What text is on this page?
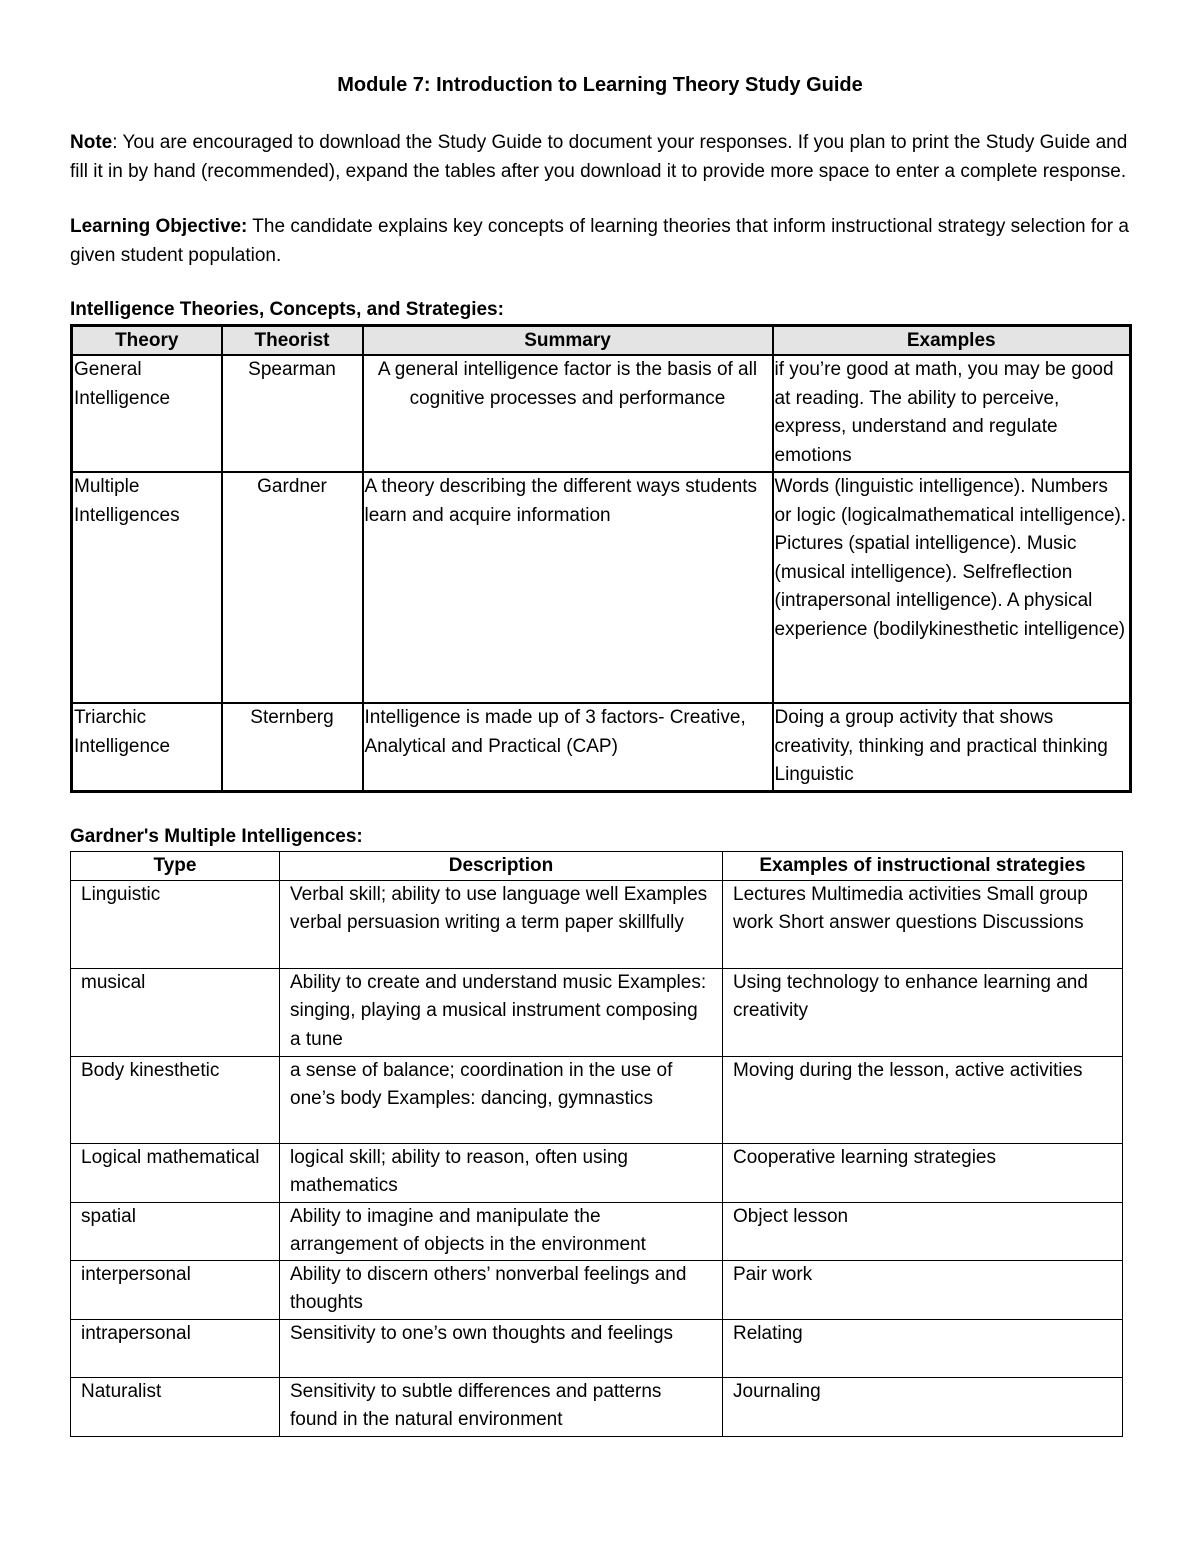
Module 7: Introduction to Learning Theory Study Guide

Note: You are encouraged to download the Study Guide to document your responses. If you plan to print the Study Guide and fill it in by hand (recommended), expand the tables after you download it to provide more space to enter a complete response.

Learning Objective: The candidate explains key concepts of learning theories that inform instructional strategy selection for a given student population.

Intelligence Theories, Concepts, and Strategies:

Theory	Theorist	Summary	Examples
General Intelligence	Spearman	A general intelligence factor is the basis of all cognitive processes and performance	if you’re good at math, you may be good at reading. The ability to perceive, express, understand and regulate emotions
Multiple Intelligences	Gardner	A theory describing the different ways students learn and acquire information	Words (linguistic intelligence). Numbers or logic (logicalmathematical intelligence). Pictures (spatial intelligence). Music (musical intelligence). Selfreflection (intrapersonal intelligence). A physical experience (bodilykinesthetic intelligence)
Triarchic Intelligence	Sternberg	Intelligence is made up of 3 factors- Creative, Analytical and Practical (CAP)	Doing a group activity that shows creativity, thinking and practical thinking Linguistic

Gardner's Multiple Intelligences:

Type	Description	Examples of instructional strategies
Linguistic	Verbal skill; ability to use language well Examples verbal persuasion writing a term paper skillfully	Lectures Multimedia activities Small group work Short answer questions Discussions
musical	Ability to create and understand music Examples: singing, playing a musical instrument composing a tune	Using technology to enhance learning and creativity
Body kinesthetic	a sense of balance; coordination in the use of one’s body Examples: dancing, gymnastics	Moving during the lesson, active activities
Logical mathematical	logical skill; ability to reason, often using mathematics	Cooperative learning strategies
spatial	Ability to imagine and manipulate the arrangement of objects in the environment	Object lesson
interpersonal	Ability to discern others’ nonverbal feelings and thoughts	Pair work
intrapersonal	Sensitivity to one’s own thoughts and feelings	Relating
Naturalist	Sensitivity to subtle differences and patterns found in the natural environment	Journaling
